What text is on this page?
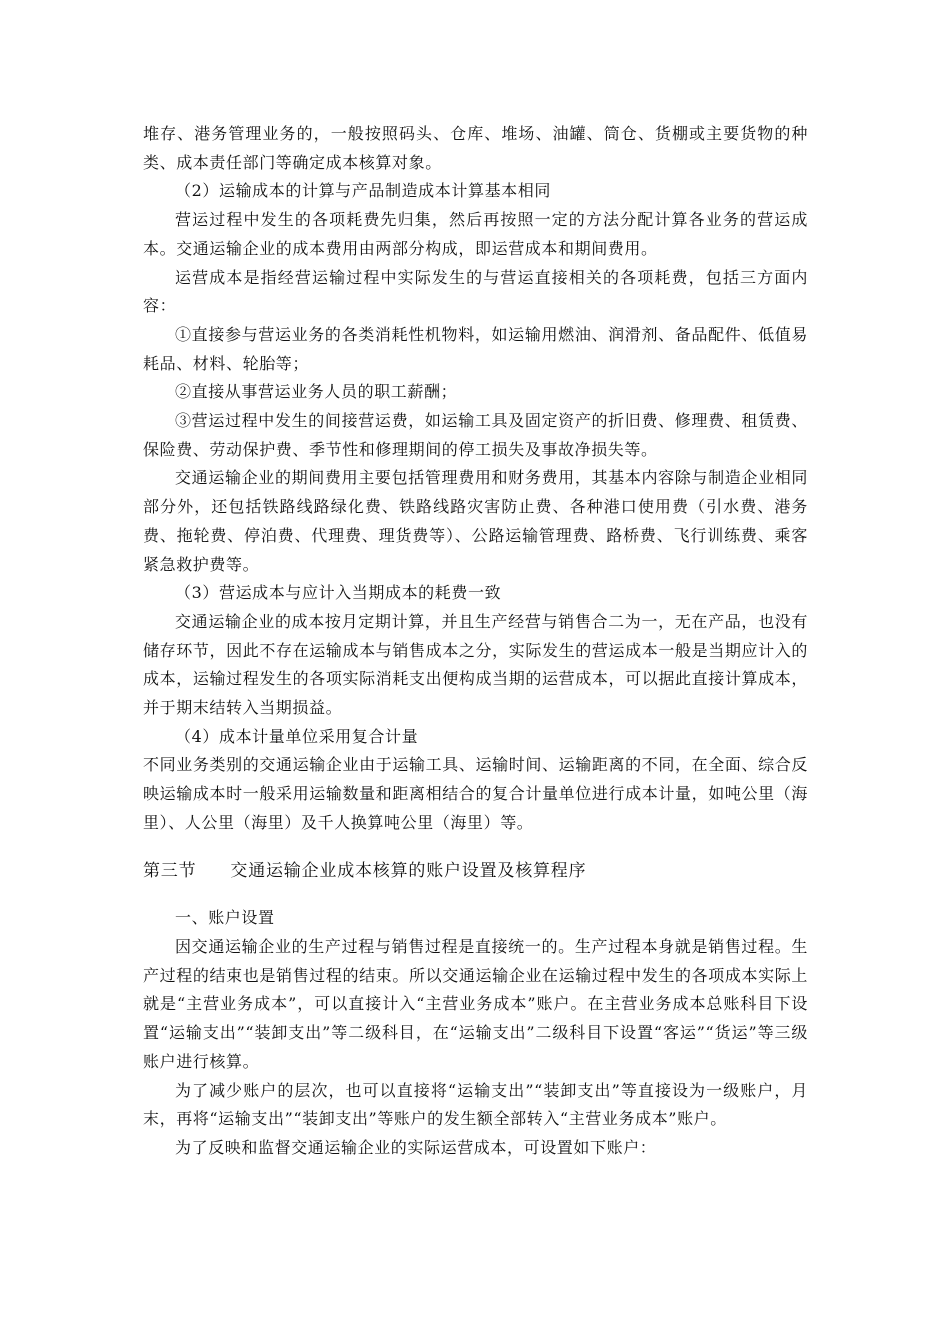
堆存、港务管理业务的，一般按照码头、仓库、堆场、油罐、筒仓、货棚或主要货物的种类、成本责任部门等确定成本核算对象。

（2）运输成本的计算与产品制造成本计算基本相同

营运过程中发生的各项耗费先归集，然后再按照一定的方法分配计算各业务的营运成本。交通运输企业的成本费用由两部分构成，即运营成本和期间费用。

运营成本是指经营运输过程中实际发生的与营运直接相关的各项耗费，包括三方面内容：

①直接参与营运业务的各类消耗性机物料，如运输用燃油、润滑剂、备品配件、低值易耗品、材料、轮胎等；

②直接从事营运业务人员的职工薪酬；

③营运过程中发生的间接营运费，如运输工具及固定资产的折旧费、修理费、租赁费、保险费、劳动保护费、季节性和修理期间的停工损失及事故净损失等。

交通运输企业的期间费用主要包括管理费用和财务费用，其基本内容除与制造企业相同部分外，还包括铁路线路绿化费、铁路线路灾害防止费、各种港口使用费（引水费、港务费、拖轮费、停泊费、代理费、理货费等）、公路运输管理费、路桥费、飞行训练费、乘客紧急救护费等。

（3）营运成本与应计入当期成本的耗费一致

交通运输企业的成本按月定期计算，并且生产经营与销售合二为一，无在产品，也没有储存环节，因此不存在运输成本与销售成本之分，实际发生的营运成本一般是当期应计入的成本，运输过程发生的各项实际消耗支出便构成当期的运营成本，可以据此直接计算成本，并于期末结转入当期损益。

（4）成本计量单位采用复合计量

不同业务类别的交通运输企业由于运输工具、运输时间、运输距离的不同，在全面、综合反映运输成本时一般采用运输数量和距离相结合的复合计量单位进行成本计量，如吨公里（海里）、人公里（海里）及千人换算吨公里（海里）等。

第三节 交通运输企业成本核算的账户设置及核算程序

一、账户设置

因交通运输企业的生产过程与销售过程是直接统一的。生产过程本身就是销售过程。生产过程的结束也是销售过程的结束。所以交通运输企业在运输过程中发生的各项成本实际上就是“主营业务成本”，可以直接计入“主营业务成本”账户。在主营业务成本总账科目下设置“运输支出”“装卸支出”等二级科目，在“运输支出”二级科目下设置“客运”“货运”等三级账户进行核算。

为了减少账户的层次，也可以直接将“运输支出”“装卸支出”等直接设为一级账户，月末，再将“运输支出”“装卸支出”等账户的发生额全部转入“主营业务成本”账户。

为了反映和监督交通运输企业的实际运营成本，可设置如下账户：
